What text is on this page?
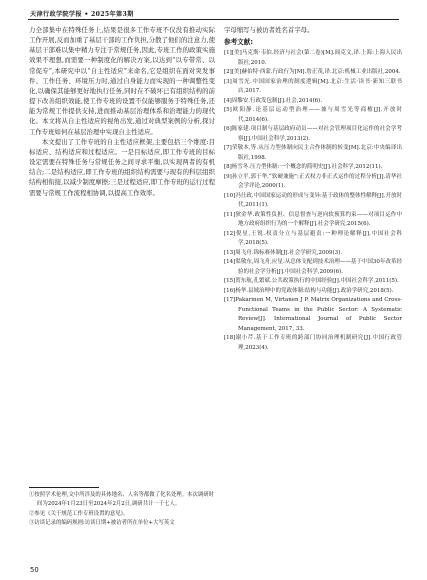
天津行政学院学报 • 2025年第3期

力全部集中在特殊任务上,结果是很多工作专班不仅没有推动实际工作开展,反而加重了基层干部的工作负担,分散了他们的注意力,使基层干部难以集中精力专注于常规任务,因此,专班工作的政策实施效果不理想,而需要一种制度化的解决方案,以达到“以专带常、以常促专”,本研究中以“自主性适应”来命名,它是组织在面对突发事件、工作任务、环境压力时,通过自身能力而实现的一种调整性变化,以确保其能够更好地执行任务,同时在不破坏已有组织结构的前提下改善组织效能,使工作专班的设置不仅能够服务于特殊任务,还能为常规工作提供支持,进而推动基层治理体系和治理能力的现代化。本文将从自主性适应的视角出发,通过对典型案例的分析,探讨工作专班如何在基层治理中实现自主性适应。

本文提出了工作专班的自主性适应框架,主要包括三个维度:目标适应、结构适应和过程适应。一是目标适应,即工作专班的目标设定需要在特殊任务与常规任务之间寻求平衡,以实现两者的有机结合;二是结构适应,即工作专班的组织结构需要与现有的科层组织结构相衔接,以减少制度摩擦;三是过程适应,即工作专班的运行过程需要与常规工作流程相协调,以提高工作效率。

字母缩写与被访者姓名首字母。

参考文献:
[1][美]马克斯·韦伯.经济与社会(第二卷)[M].阎克文,译.上海:上海人民出版社,2010.
[2][美]赫伯特·西蒙.行政行为[M].詹正茂,译.北京:机械工业出版社,2004.
[3]周雪光.中国国家治理的制度逻辑[M].北京:生活·读书·新知三联书店,2017.
[4]周黎安.行政发包制[J].社会,2014(6).
[5]欧阳静.论基层运动型治理——兼与周雪光等商榷[J].开放时代,2014(6).
[6]陈家建.项目制与基层政府动员——对社会管理项目化运作的社会学考察[J].中国社会科学,2013(2).
[7]荣敬本,等.从压力型体制向民主合作体制的转变[M].北京:中央编译出版社,1998.
[8]杨雪冬.压力型体制:一个概念的简明史[J].社会科学,2012(11).
[9]孙立平,郭于华.“软硬兼施”:正式权力非正式运作的过程分析[J].清华社会学评论,2000(1).
[10]冯仕政.中国国家运动的形成与变异:基于政体的整体性解释[J].开放时代,2011(1).
[11]狄金华.政策性负担、信息督查与逆向软预算约束——对项目运作中地方政府组织行为的一个解释[J].社会学研究,2015(6).
[12]倪星,王锐.权责分立与基层避责:一种理论解释[J].中国社会科学,2018(5).
[13]周飞舟.锦标赛体制[J].社会学研究,2009(3).
[14]渠敬东,周飞舟,应星.从总体支配到技术治理——基于中国30年改革经验的社会学分析[J].中国社会科学,2009(6).
[15]贺东航,孔繁斌.公共政策执行的中国经验[J].中国社会科学,2011(5).
[16]杨华.县域治理中的党政体制:结构与功能[J].政治学研究,2018(5).
[17]Pakarinen M, Virtanen J P. Matrix Organizations and Cross-Functional Teams in the Public Sector: A Systematic Review[J]. International Journal of Public Sector Management, 2017, 33.
[18]谢小芹.基于工作专班的跨部门协同治理机制研究[J].中国行政管理,2023(4).
①按照学术伦理,文中所涉及的具体地名、人名等都做了化名处理。本次调研时间为2024年1月23日至2024年2月2日,调研共计一千七人。
②参见《关于规范工作专班设置的意见》。
③访谈记录的编码规则:访谈日期+被访者所在单位+大写英文
50
